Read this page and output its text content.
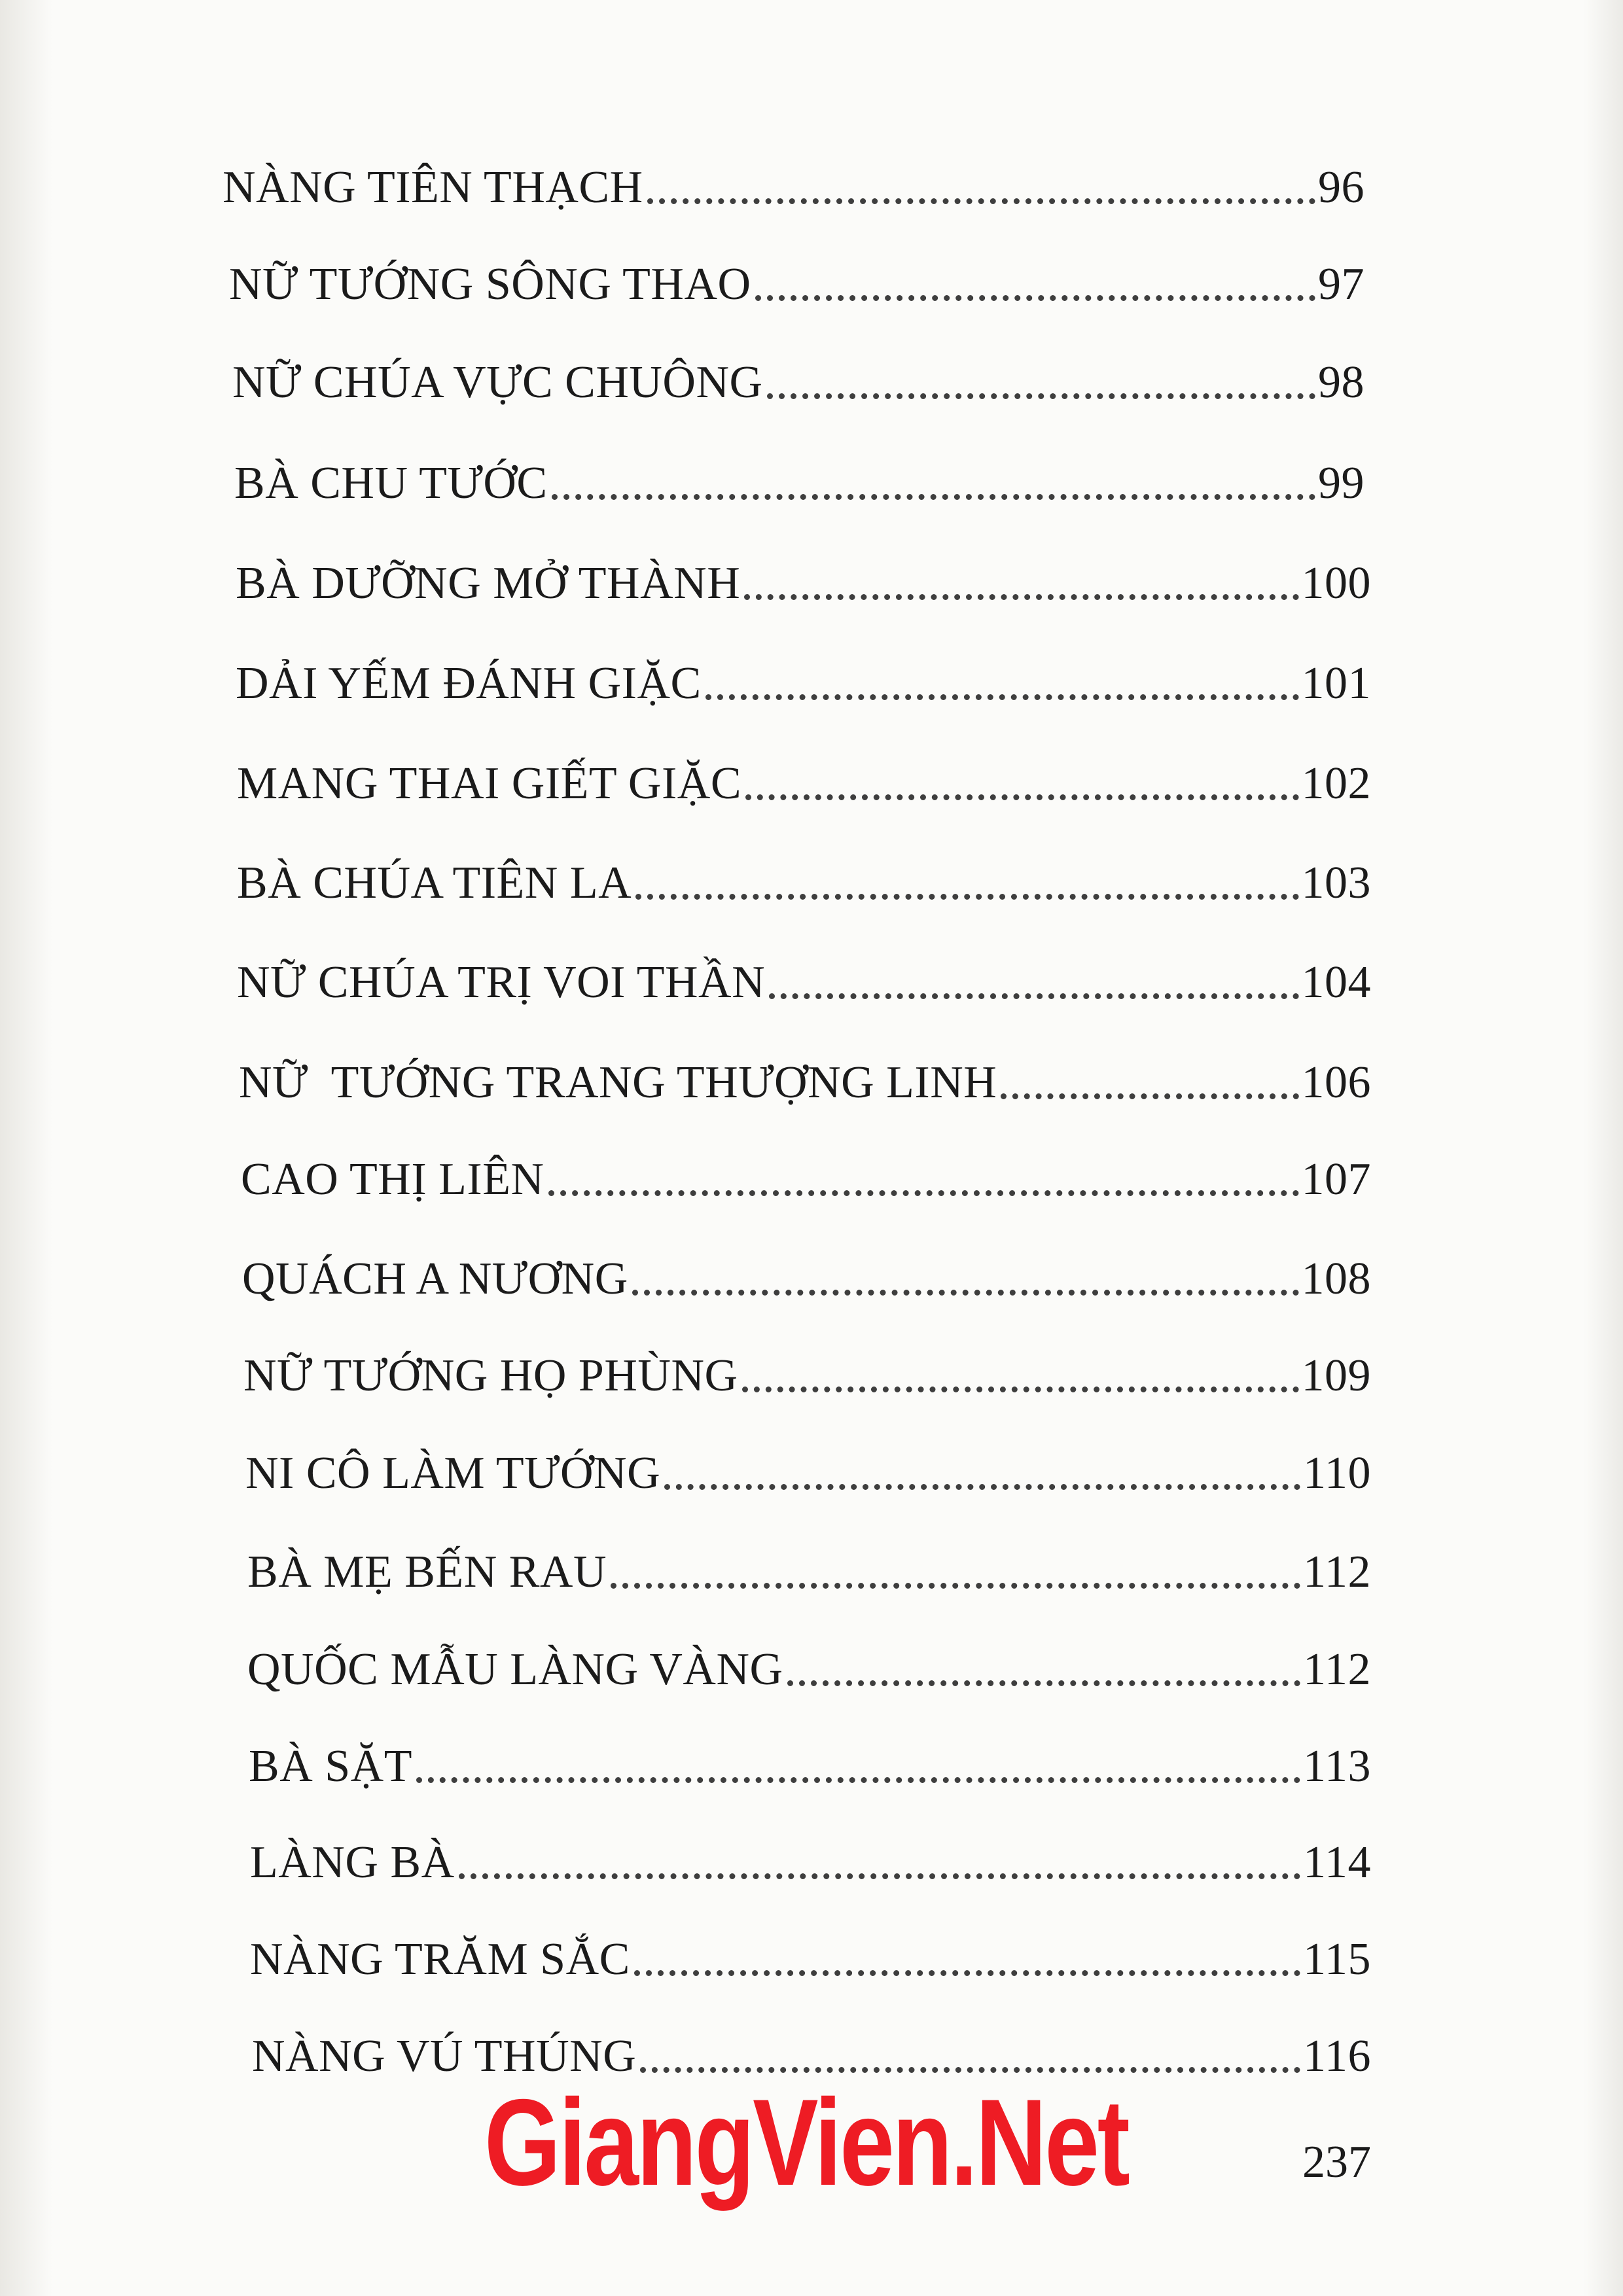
NÀNG TIÊN THẠCH	96
NỮ TƯỚNG SÔNG THAO	97
NỮ CHÚA VỰC CHUÔNG	98
BÀ CHU TƯỚC	99
BÀ DƯỠNG MỞ THÀNH	100
DẢI YẾM ĐÁNH GIẶC	101
MANG THAI GIẾT GIẶC	102
BÀ CHÚA TIÊN LA	103
NỮ CHÚA TRỊ VOI THẦN	104
NỮ  TƯỚNG TRANG THƯỢNG LINH	106
CAO THỊ LIÊN	107
QUÁCH A NƯƠNG	108
NỮ TƯỚNG HỌ PHÙNG	109
NI CÔ LÀM TƯỚNG	110
BÀ MẸ BẾN RAU	112
QUỐC MẪU LÀNG VÀNG	112
BÀ SẶT	113
LÀNG BÀ	114
NÀNG TRĂM SẮC	115
NÀNG VÚ THÚNG	116
GiangVien.Net	237
